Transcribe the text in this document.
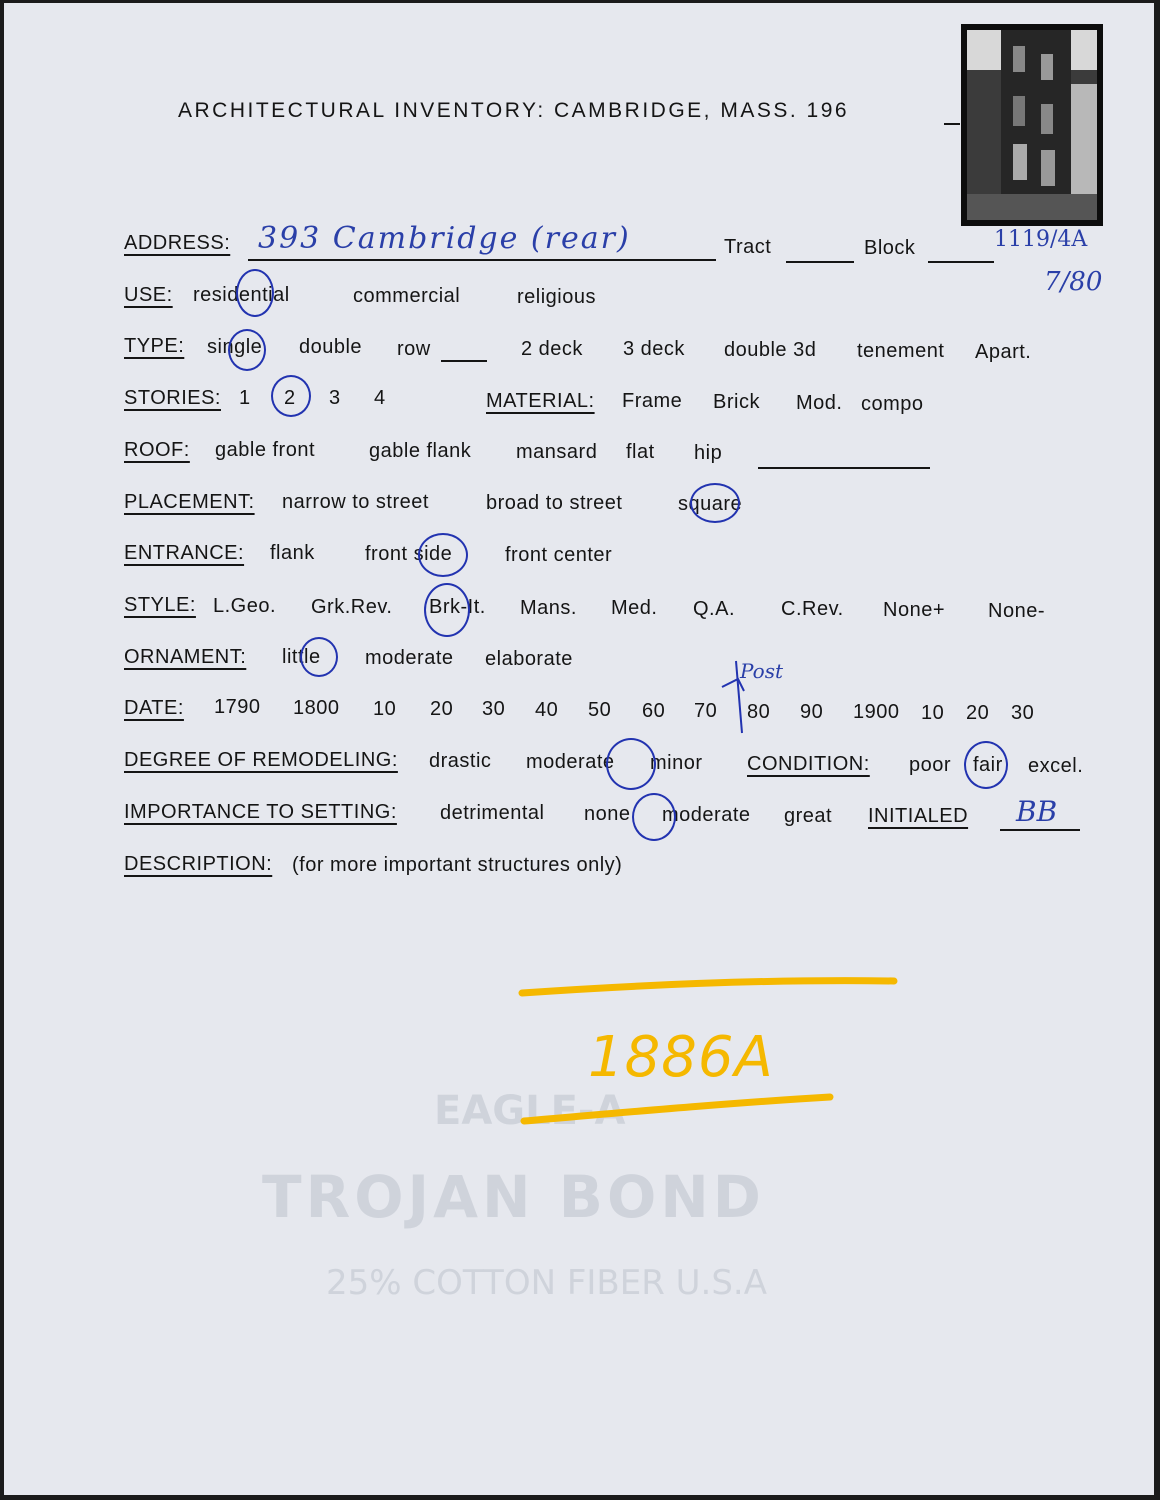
EAGLE-A
TROJAN BOND
25% COTTON FIBER U.S.A
ARCHITECTURAL INVENTORY: CAMBRIDGE, MASS. 196
ADDRESS: 393 Cambridge (rear)	Tract	Block	1119/4A
7/80
USE: residential	commercial	religious
TYPE: single double row	2 deck 3 deck double 3d tenement Apart.
STORIES: 1 2 3 4	MATERIAL: Frame Brick Mod. compo
ROOF: gable front	gable flank mansard flat hip
PLACEMENT: narrow to street	broad to street	square
ENTRANCE: flank	front side	front center
STYLE: L.Geo. Grk.Rev. Brk-It. Mans. Med. Q.A. C.Rev. None+ None-
ORNAMENT: little moderate elaborate
DATE: 1790 1800 10 20 30 40 50 60 70 80 90 1900 10 20 30
Post
DEGREE OF REMODELING: drastic moderate minor CONDITION: poor fair excel.
IMPORTANCE TO SETTING: detrimental none moderate great INITIALED BB
DESCRIPTION: (for more important structures only)
1886A
